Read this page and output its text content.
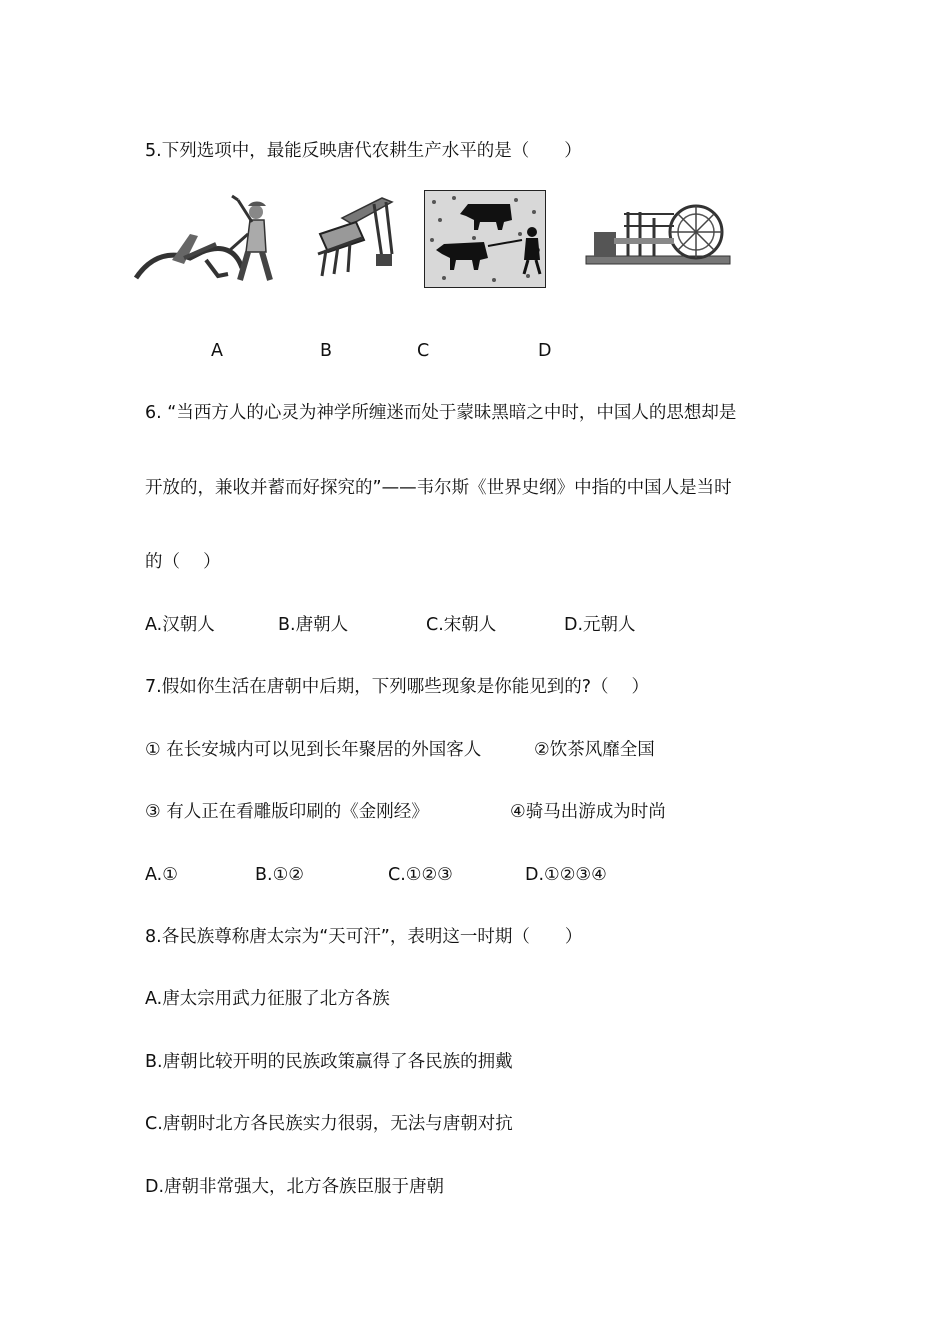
5.下列选项中，最能反映唐代农耕生产水平的是（　　）
A	B	C	D
6. “当西方人的心灵为神学所缠迷而处于蒙昧黑暗之中时，中国人的思想却是
开放的，兼收并蓄而好探究的”——韦尔斯《世界史纲》中指的中国人是当时
的（　 ）
A.汉朝人	B.唐朝人	C.宋朝人	D.元朝人
7.假如你生活在唐朝中后期，下列哪些现象是你能见到的?（　 ）
① 在长安城内可以见到长年聚居的外国客人	②饮茶风靡全国
③ 有人正在看雕版印刷的《金刚经》	④骑马出游成为时尚
A.①	B.①②	C.①②③	D.①②③④
8.各民族尊称唐太宗为“天可汗”，表明这一时期（　　）
A.唐太宗用武力征服了北方各族
B.唐朝比较开明的民族政策赢得了各民族的拥戴
C.唐朝时北方各民族实力很弱，无法与唐朝对抗
D.唐朝非常强大，北方各族臣服于唐朝
